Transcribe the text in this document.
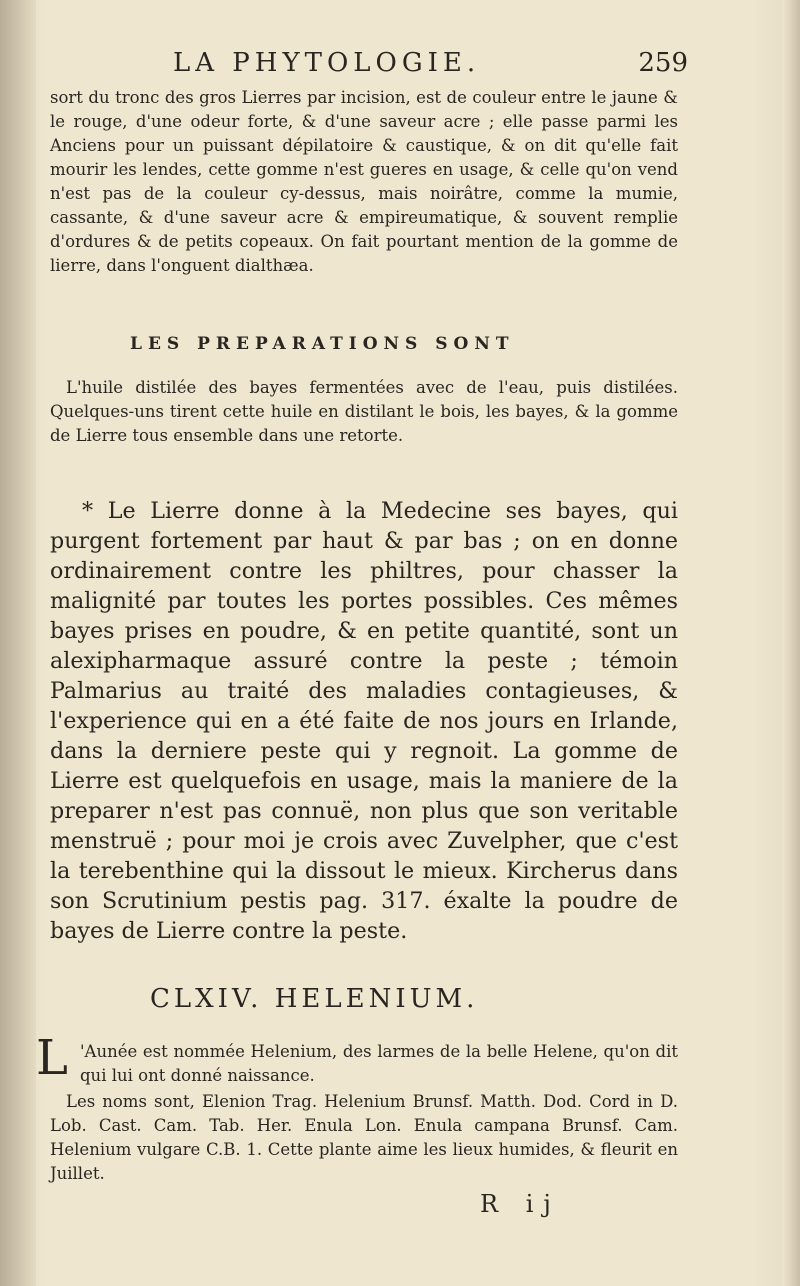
LA PHYTOLOGIE.	259

sort du tronc des gros Lierres par incision, est de couleur entre le jaune & le rouge, d'une odeur forte, & d'une saveur acre ; elle passe parmi les Anciens pour un puissant dépilatoire & caustique, & on dit qu'elle fait mourir les lendes, cette gomme n'est gueres en usage, & celle qu'on vend n'est pas de la couleur cy-dessus, mais noirâtre, comme la mumie, cassante, & d'une saveur acre & empireumatique, & souvent remplie d'ordures & de petits copeaux. On fait pourtant mention de la gomme de lierre, dans l'onguent dialthæa.

LES PREPARATIONS SONT

L'huile distilée des bayes fermentées avec de l'eau, puis distilées. Quelques-uns tirent cette huile en distilant le bois, les bayes, & la gomme de Lierre tous ensemble dans une retorte.

* Le Lierre donne à la Medecine ses bayes, qui purgent fortement par haut & par bas ; on en donne ordinairement contre les philtres, pour chasser la malignité par toutes les portes possibles. Ces mêmes bayes prises en poudre, & en petite quantité, sont un alexipharmaque assuré contre la peste ; témoin Palmarius au traité des maladies contagieuses, & l'experience qui en a été faite de nos jours en Irlande, dans la derniere peste qui y regnoit. La gomme de Lierre est quelquefois en usage, mais la maniere de la preparer n'est pas connuë, non plus que son veritable menstruë ; pour moi je crois avec Zuvelpher, que c'est la terebenthine qui la dissout le mieux. Kircherus dans son Scrutinium pestis pag. 317. éxalte la poudre de bayes de Lierre contre la peste.

CLXIV. HELENIUM.
L 'Aunée est nommée Helenium, des larmes de la belle Helene, qu'on dit qui lui ont donné naissance.

Les noms sont, Elenion Trag. Helenium Brunsf. Matth. Dod. Cord in D. Lob. Cast. Cam. Tab. Her. Enula Lon. Enula campana Brunsf. Cam. Helenium vulgare C.B. 1. Cette plante aime les lieux humides, & fleurit en Juillet.

R ij
